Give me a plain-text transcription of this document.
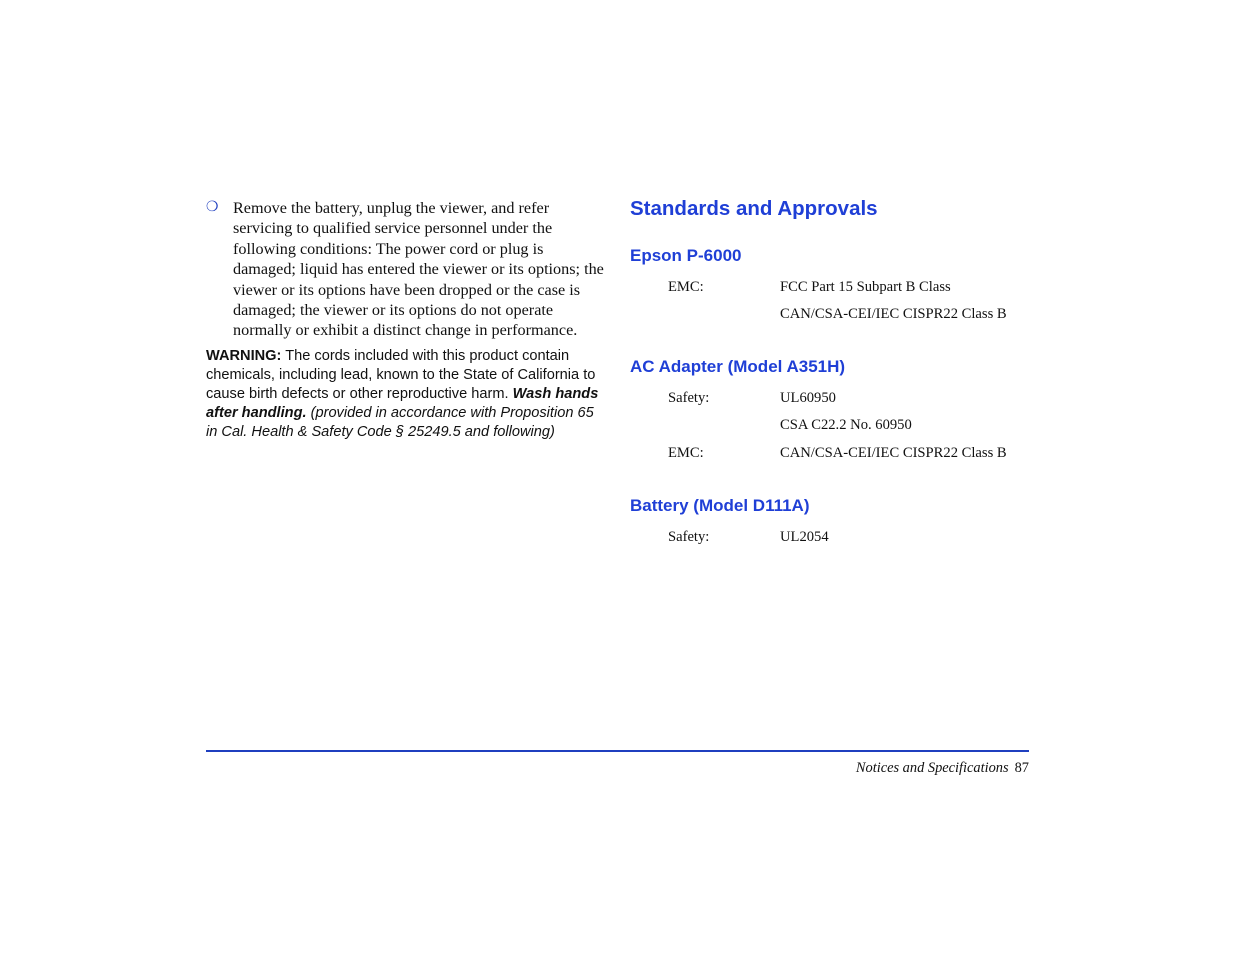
❍ Remove the battery, unplug the viewer, and refer servicing to qualified service personnel under the following conditions: The power cord or plug is damaged; liquid has entered the viewer or its options; the viewer or its options have been dropped or the case is damaged; the viewer or its options do not operate normally or exhibit a distinct change in performance.
WARNING: The cords included with this product contain chemicals, including lead, known to the State of California to cause birth defects or other reproductive harm. Wash hands after handling. (provided in accordance with Proposition 65 in Cal. Health & Safety Code § 25249.5 and following)
Standards and Approvals
Epson P-6000
EMC:	FCC Part 15 Subpart B Class
CAN/CSA-CEI/IEC CISPR22 Class B
AC Adapter (Model A351H)
Safety:	UL60950
CSA C22.2 No. 60950
EMC:	CAN/CSA-CEI/IEC CISPR22 Class B
Battery (Model D111A)
Safety:	UL2054
Notices and Specifications 87
